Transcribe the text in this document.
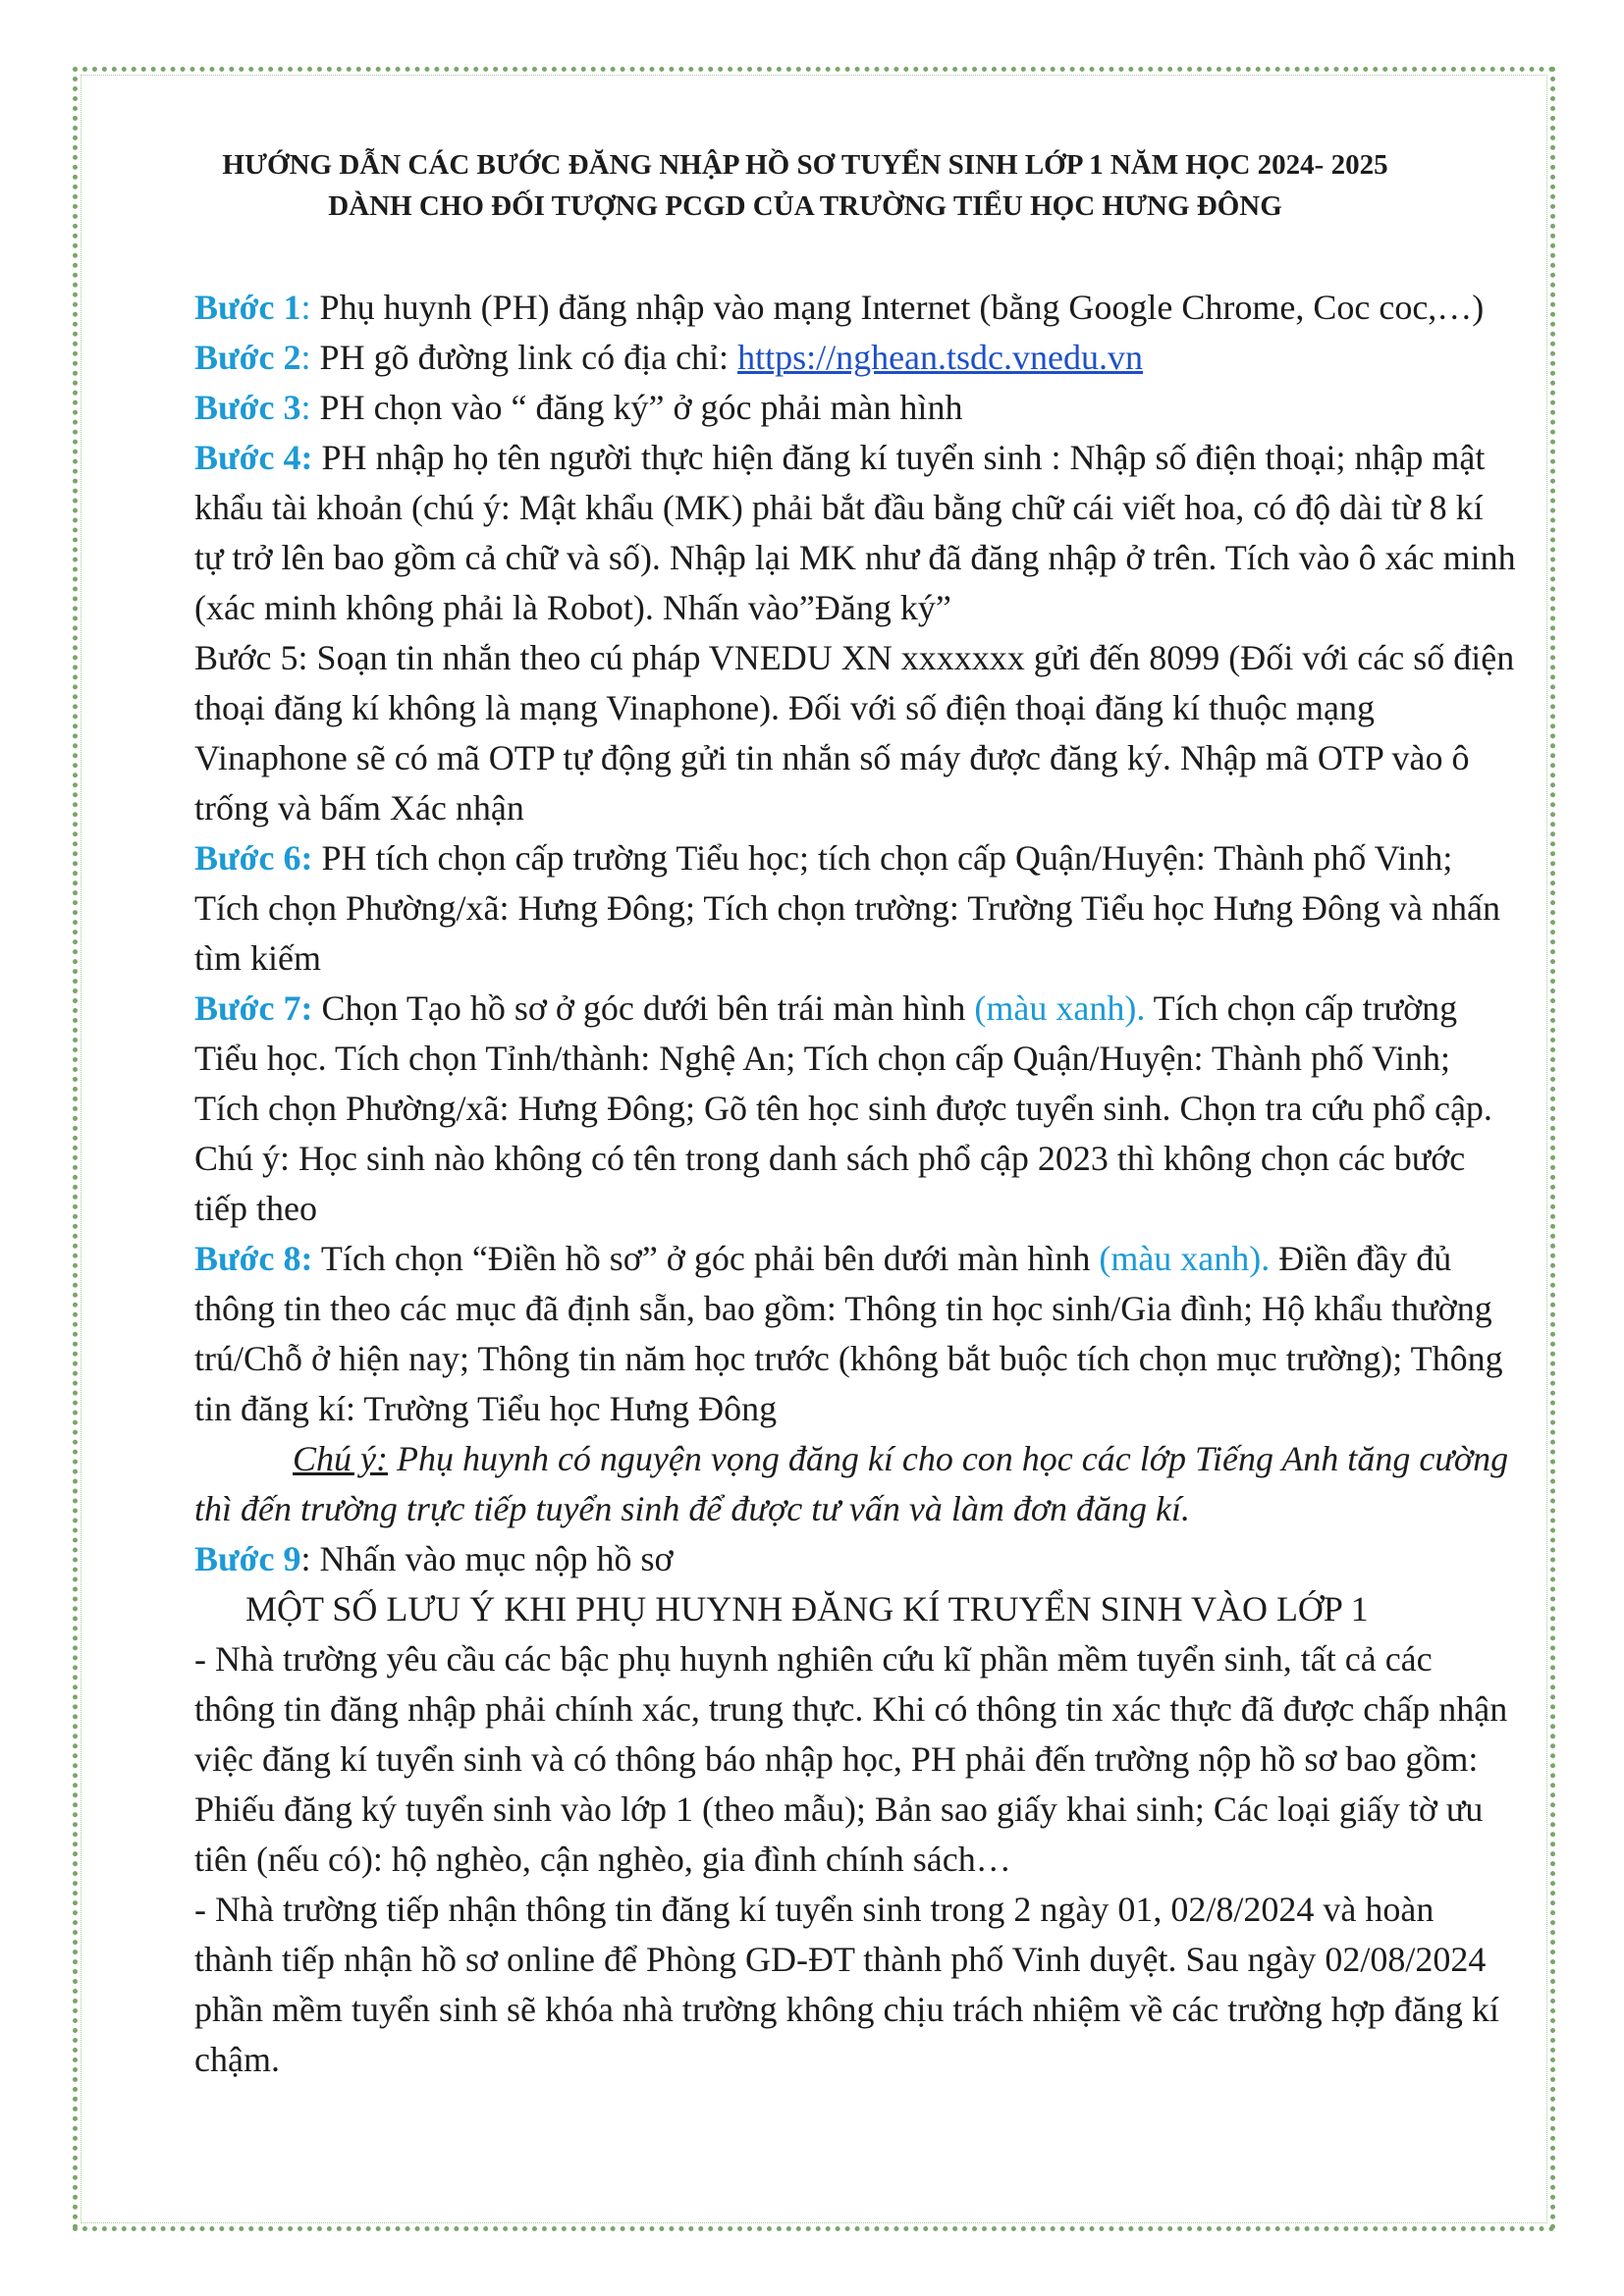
HƯỚNG DẪN CÁC BƯỚC ĐĂNG NHẬP HỒ SƠ TUYỂN SINH LỚP 1 NĂM HỌC 2024- 2025
DÀNH CHO ĐỐI TƯỢNG PCGD CỦA TRƯỜNG TIỂU HỌC HƯNG ĐÔNG

Bước 1: Phụ huynh (PH) đăng nhập vào mạng Internet (bằng Google Chrome, Coc coc,…)

Bước 2: PH gõ đường link có địa chỉ: https://nghean.tsdc.vnedu.vn

Bước 3: PH chọn vào “ đăng ký” ở góc phải màn hình

Bước 4: PH nhập họ tên người thực hiện đăng kí tuyển sinh : Nhập số điện thoại; nhập mật khẩu tài khoản (chú ý: Mật khẩu (MK) phải bắt đầu bằng chữ cái viết hoa, có độ dài từ 8 kí tự trở lên bao gồm cả chữ và số). Nhập lại MK như đã đăng nhập ở trên. Tích vào ô xác minh (xác minh không phải là Robot). Nhấn vào”Đăng ký”

Bước 5: Soạn tin nhắn theo cú pháp VNEDU XN xxxxxxx gửi đến 8099 (Đối với các số điện thoại đăng kí không là mạng Vinaphone). Đối với số điện thoại đăng kí thuộc mạng Vinaphone sẽ có mã OTP tự động gửi tin nhắn số máy được đăng ký. Nhập mã OTP vào ô trống và bấm Xác nhận

Bước 6: PH tích chọn cấp trường Tiểu học; tích chọn cấp Quận/Huyện: Thành phố Vinh; Tích chọn Phường/xã: Hưng Đông; Tích chọn trường: Trường Tiểu học Hưng Đông và nhấn tìm kiếm

Bước 7: Chọn Tạo hồ sơ ở góc dưới bên trái màn hình (màu xanh). Tích chọn cấp trường Tiểu học. Tích chọn Tỉnh/thành: Nghệ An; Tích chọn cấp Quận/Huyện: Thành phố Vinh; Tích chọn Phường/xã: Hưng Đông; Gõ tên học sinh được tuyển sinh. Chọn tra cứu phổ cập.

Chú ý: Học sinh nào không có tên trong danh sách phổ cập 2023 thì không chọn các bước tiếp theo

Bước 8: Tích chọn “Điền hồ sơ” ở góc phải bên dưới màn hình (màu xanh). Điền đầy đủ thông tin theo các mục đã định sẵn, bao gồm: Thông tin học sinh/Gia đình; Hộ khẩu thường trú/Chỗ ở hiện nay; Thông tin năm học trước (không bắt buộc tích chọn mục trường); Thông tin đăng kí: Trường Tiểu học Hưng Đông

Chú ý: Phụ huynh có nguyện vọng đăng kí cho con học các lớp Tiếng Anh tăng cường thì đến trường trực tiếp tuyển sinh để được tư vấn và làm đơn đăng kí.

Bước 9: Nhấn vào mục nộp hồ sơ

MỘT SỐ LƯU Ý KHI PHỤ HUYNH ĐĂNG KÍ TRUYỂN SINH VÀO LỚP 1

- Nhà trường yêu cầu các bậc phụ huynh nghiên cứu kĩ phần mềm tuyển sinh, tất cả các thông tin đăng nhập phải chính xác, trung thực. Khi có thông tin xác thực đã được chấp nhận việc đăng kí tuyển sinh và có thông báo nhập học, PH phải đến trường nộp hồ sơ bao gồm: Phiếu đăng ký tuyển sinh vào lớp 1 (theo mẫu); Bản sao giấy khai sinh; Các loại giấy tờ ưu tiên (nếu có): hộ nghèo, cận nghèo, gia đình chính sách…

- Nhà trường tiếp nhận thông tin đăng kí tuyển sinh trong 2 ngày 01, 02/8/2024 và hoàn thành tiếp nhận hồ sơ online để Phòng GD-ĐT thành phố Vinh duyệt. Sau ngày 02/08/2024 phần mềm tuyển sinh sẽ khóa nhà trường không chịu trách nhiệm về các trường hợp đăng kí chậm.
